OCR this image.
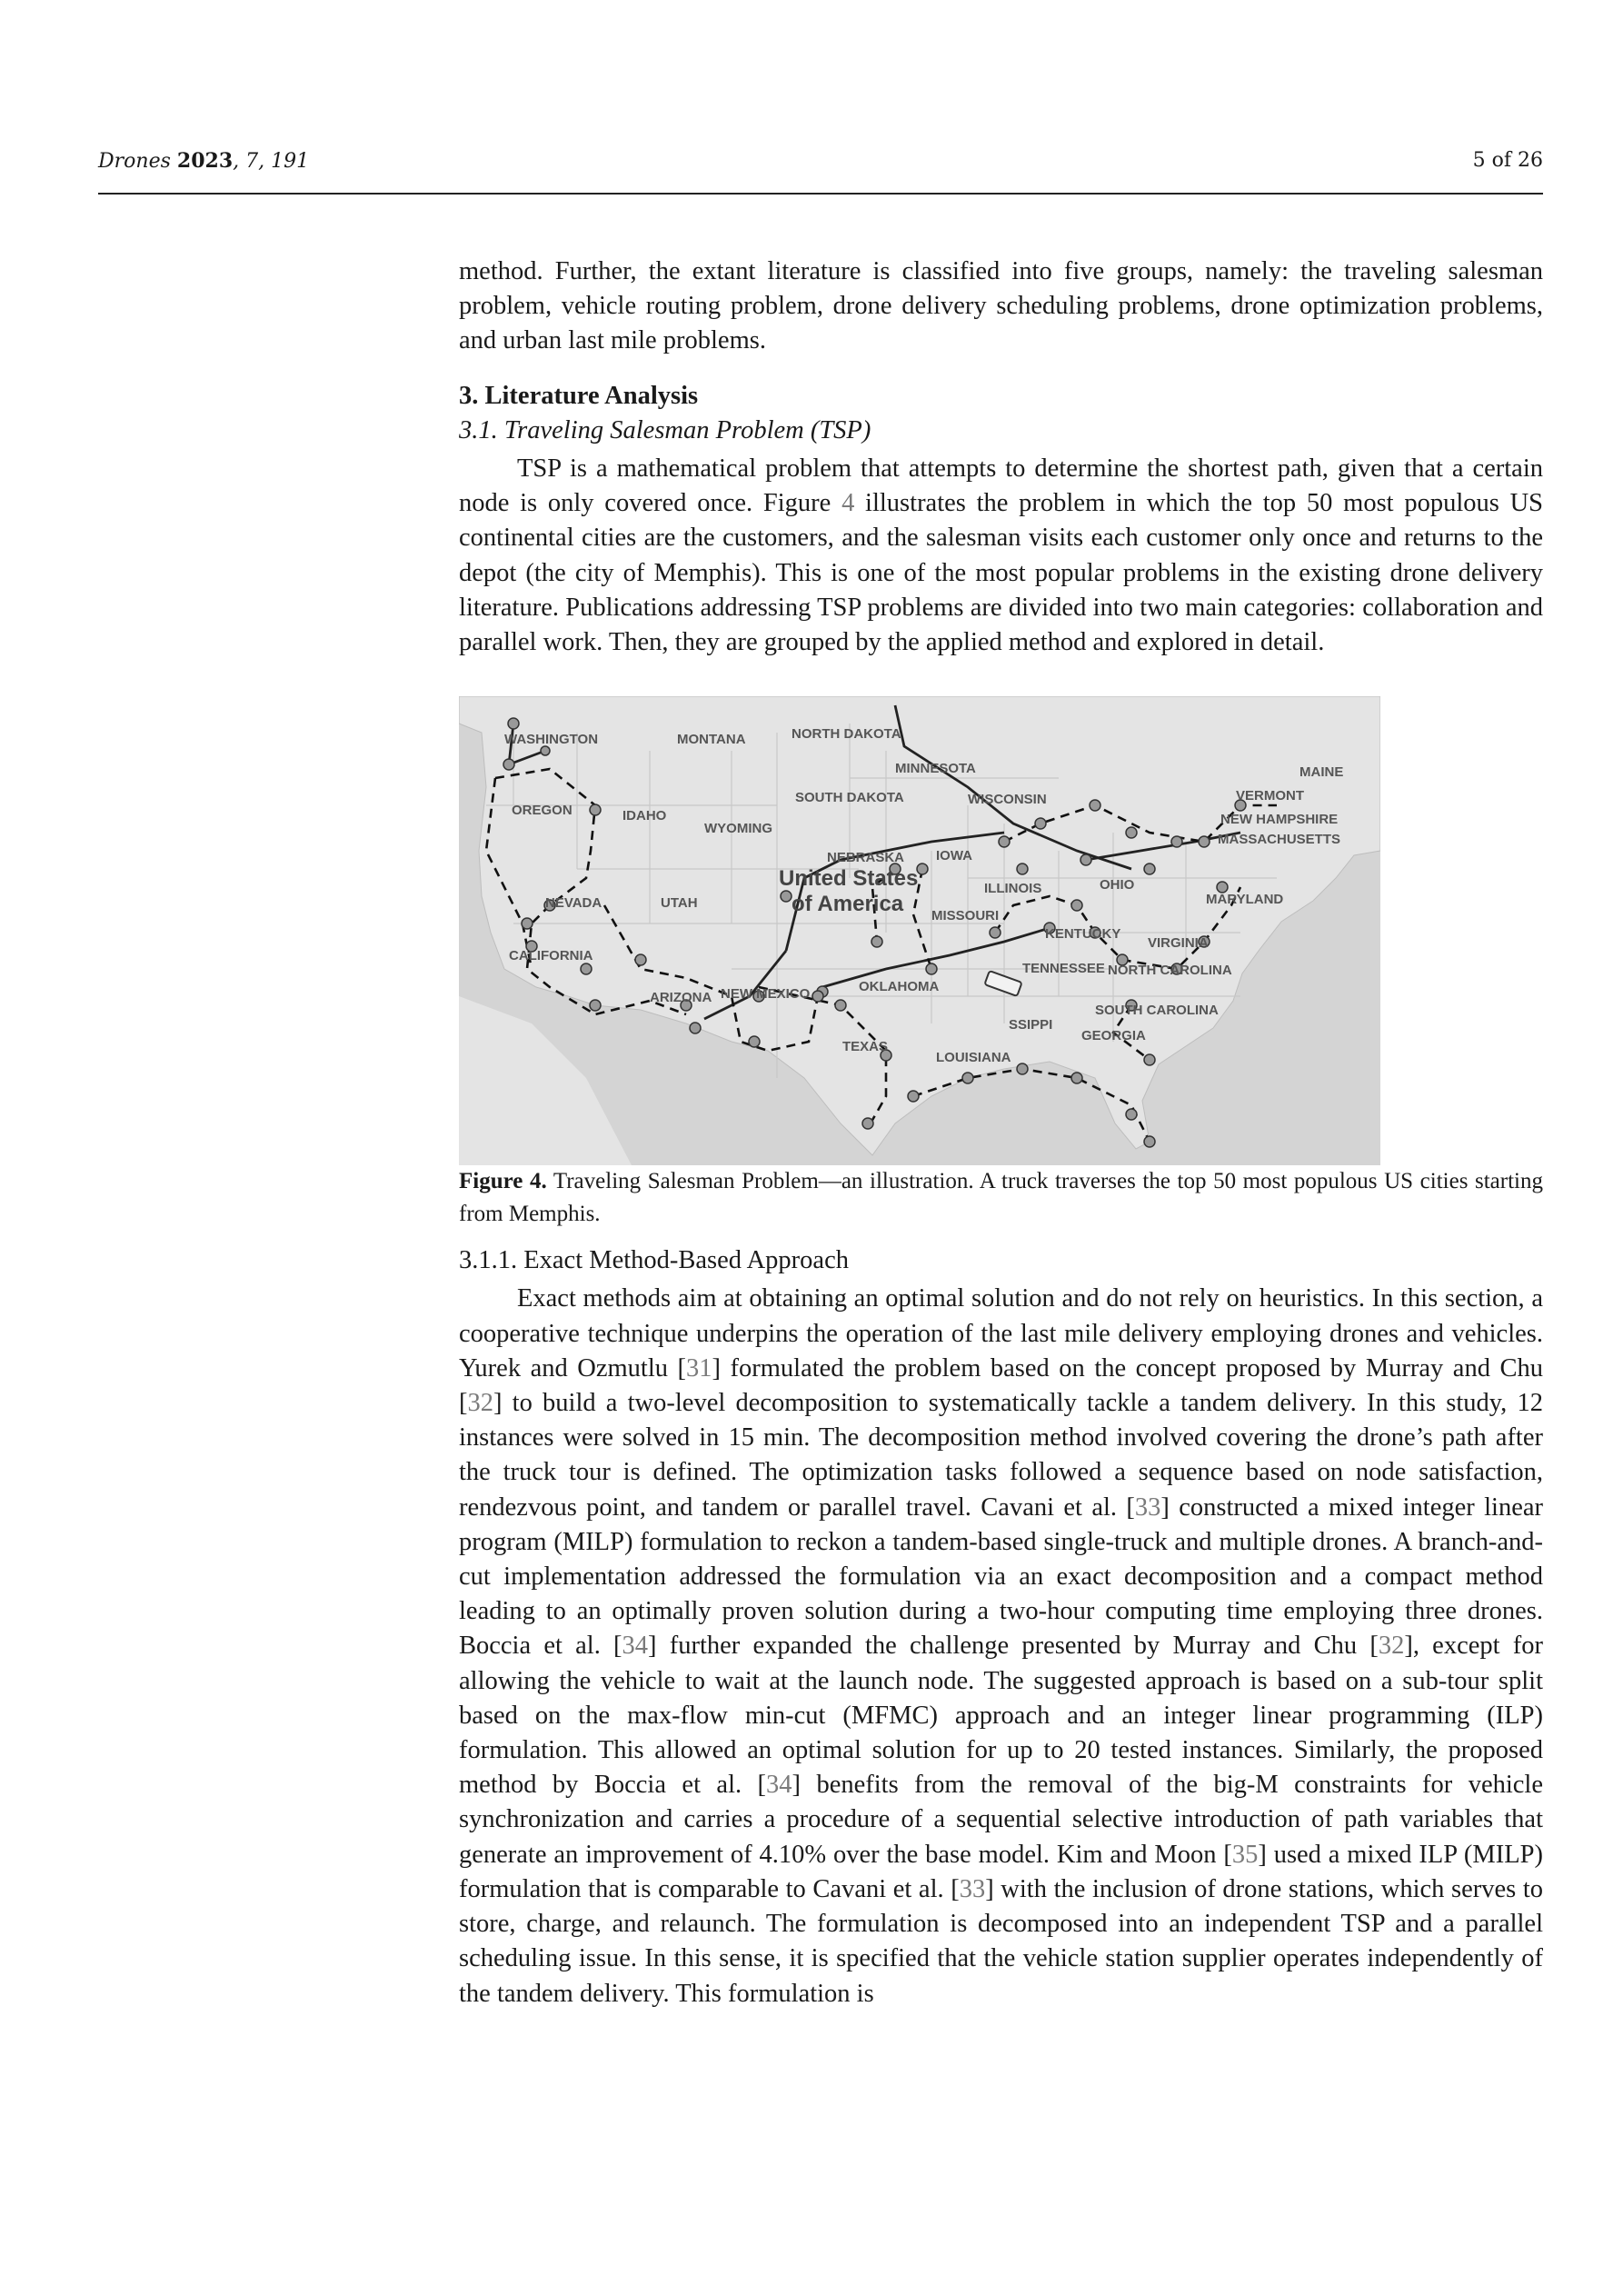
Drones 2023, 7, 191	5 of 26

method. Further, the extant literature is classified into five groups, namely: the traveling salesman problem, vehicle routing problem, drone delivery scheduling problems, drone optimization problems, and urban last mile problems.

3. Literature Analysis

3.1. Traveling Salesman Problem (TSP)

TSP is a mathematical problem that attempts to determine the shortest path, given that a certain node is only covered once. Figure 4 illustrates the problem in which the top 50 most populous US continental cities are the customers, and the salesman visits each customer only once and returns to the depot (the city of Memphis). This is one of the most popular problems in the existing drone delivery literature. Publications addressing TSP problems are divided into two main categories: collaboration and parallel work. Then, they are grouped by the applied method and explored in detail.

WASHINGTON	MONTANA	NORTH DAKOTA
MINNESOTA	MAINE
VERMONT
NEW HAMPSHIRE
MASSACHUSETTS
OREGON	IDAHO
WYOMING
SOUTH DAKOTA	WISCONSIN
NEBRASKA IOWA
ILLINOIS	OHIO
MARYLAND
NEVADA	UTAH
MISSOURI
KENTUCKY
VIRGINIA
CALIFORNIA
TENNESSEE NORTH CAROLINA
ARIZONA NEW MEXICO	OKLAHOMA
SSIPPI
SOUTH CAROLINA
GEORGIA
TEXAS
LOUISIANA
United States
of America

Figure 4. Traveling Salesman Problem—an illustration. A truck traverses the top 50 most populous US cities starting from Memphis.

3.1.1. Exact Method-Based Approach

Exact methods aim at obtaining an optimal solution and do not rely on heuristics. In this section, a cooperative technique underpins the operation of the last mile delivery employing drones and vehicles. Yurek and Ozmutlu [31] formulated the problem based on the concept proposed by Murray and Chu [32] to build a two-level decomposition to systematically tackle a tandem delivery. In this study, 12 instances were solved in 15 min. The decomposition method involved covering the drone’s path after the truck tour is defined. The optimization tasks followed a sequence based on node satisfaction, rendezvous point, and tandem or parallel travel. Cavani et al. [33] constructed a mixed integer linear program (MILP) formulation to reckon a tandem-based single-truck and multiple drones. A branch-and-cut implementation addressed the formulation via an exact decomposition and a compact method leading to an optimally proven solution during a two-hour computing time employing three drones. Boccia et al. [34] further expanded the challenge presented by Murray and Chu [32], except for allowing the vehicle to wait at the launch node. The suggested approach is based on a sub-tour split based on the max-flow min-cut (MFMC) approach and an integer linear programming (ILP) formulation. This allowed an optimal solution for up to 20 tested instances. Similarly, the proposed method by Boccia et al. [34] benefits from the removal of the big-M constraints for vehicle synchronization and carries a procedure of a sequential selective introduction of path variables that generate an improvement of 4.10% over the base model. Kim and Moon [35] used a mixed ILP (MILP) formulation that is comparable to Cavani et al. [33] with the inclusion of drone stations, which serves to store, charge, and relaunch. The formulation is decomposed into an independent TSP and a parallel scheduling issue. In this sense, it is specified that the vehicle station supplier operates independently of the tandem delivery. This formulation is
